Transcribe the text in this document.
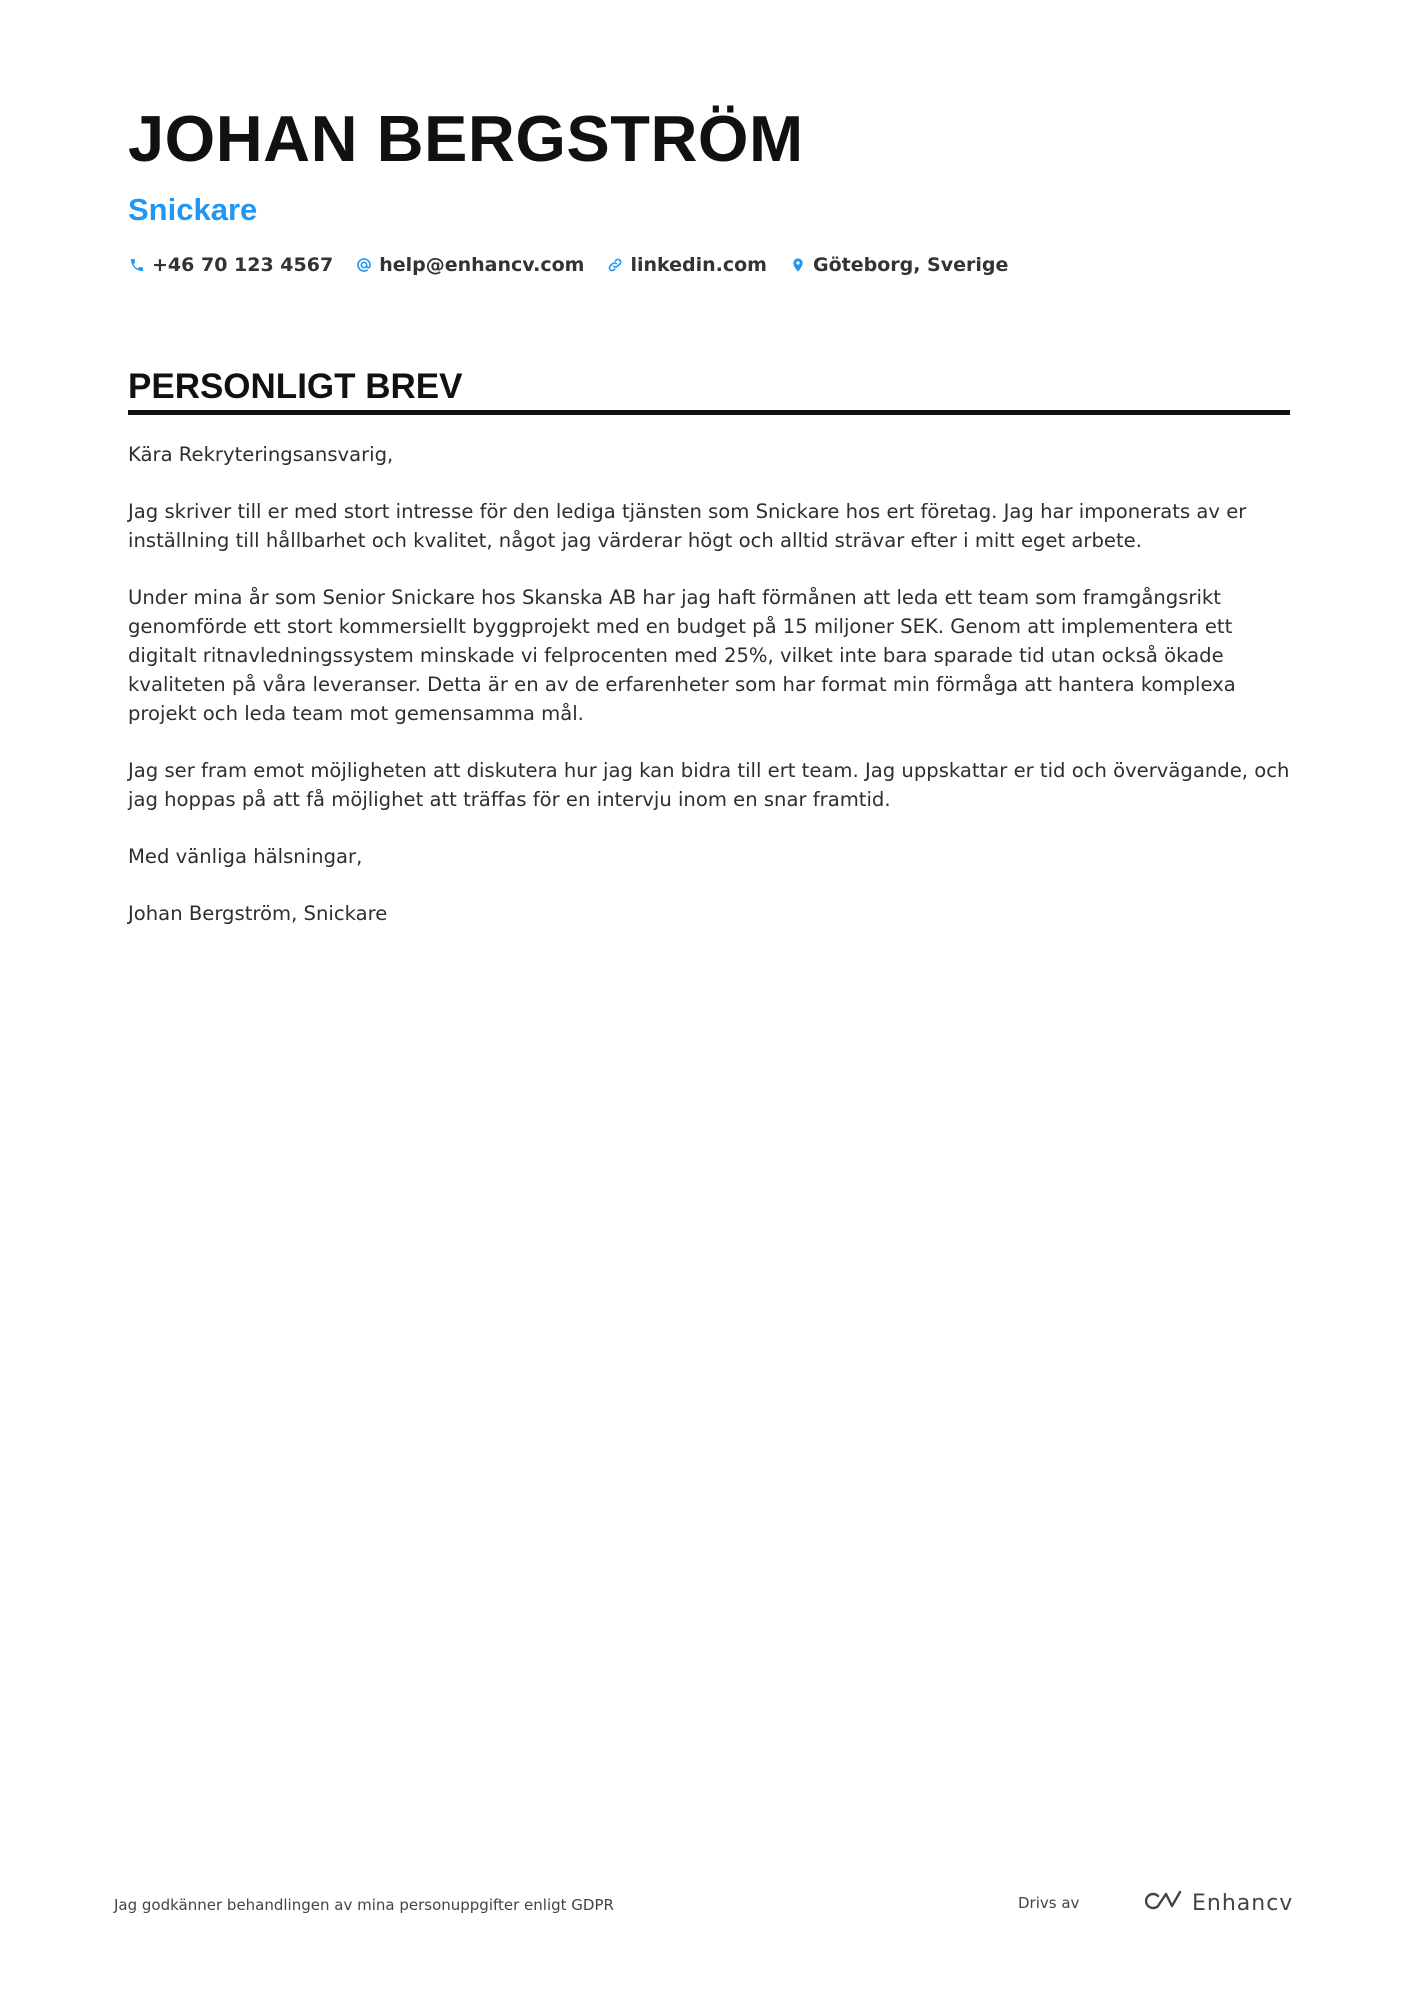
JOHAN BERGSTRÖM
Snickare
+46 70 123 4567 help@enhancv.com linkedin.com Göteborg, Sverige
PERSONLIGT BREV

Kära Rekryteringsansvarig,

Jag skriver till er med stort intresse för den lediga tjänsten som Snickare hos ert företag. Jag har imponerats av er inställning till hållbarhet och kvalitet, något jag värderar högt och alltid strävar efter i mitt eget arbete.

Under mina år som Senior Snickare hos Skanska AB har jag haft förmånen att leda ett team som framgångsrikt genomförde ett stort kommersiellt byggprojekt med en budget på 15 miljoner SEK. Genom att implementera ett digitalt ritnavledningssystem minskade vi felprocenten med 25%, vilket inte bara sparade tid utan också ökade kvaliteten på våra leveranser. Detta är en av de erfarenheter som har format min förmåga att hantera komplexa projekt och leda team mot gemensamma mål.

Jag ser fram emot möjligheten att diskutera hur jag kan bidra till ert team. Jag uppskattar er tid och övervägande, och jag hoppas på att få möjlighet att träffas för en intervju inom en snar framtid.

Med vänliga hälsningar,

Johan Bergström, Snickare

Jag godkänner behandlingen av mina personuppgifter enligt GDPR	Drivs av	Enhancv
